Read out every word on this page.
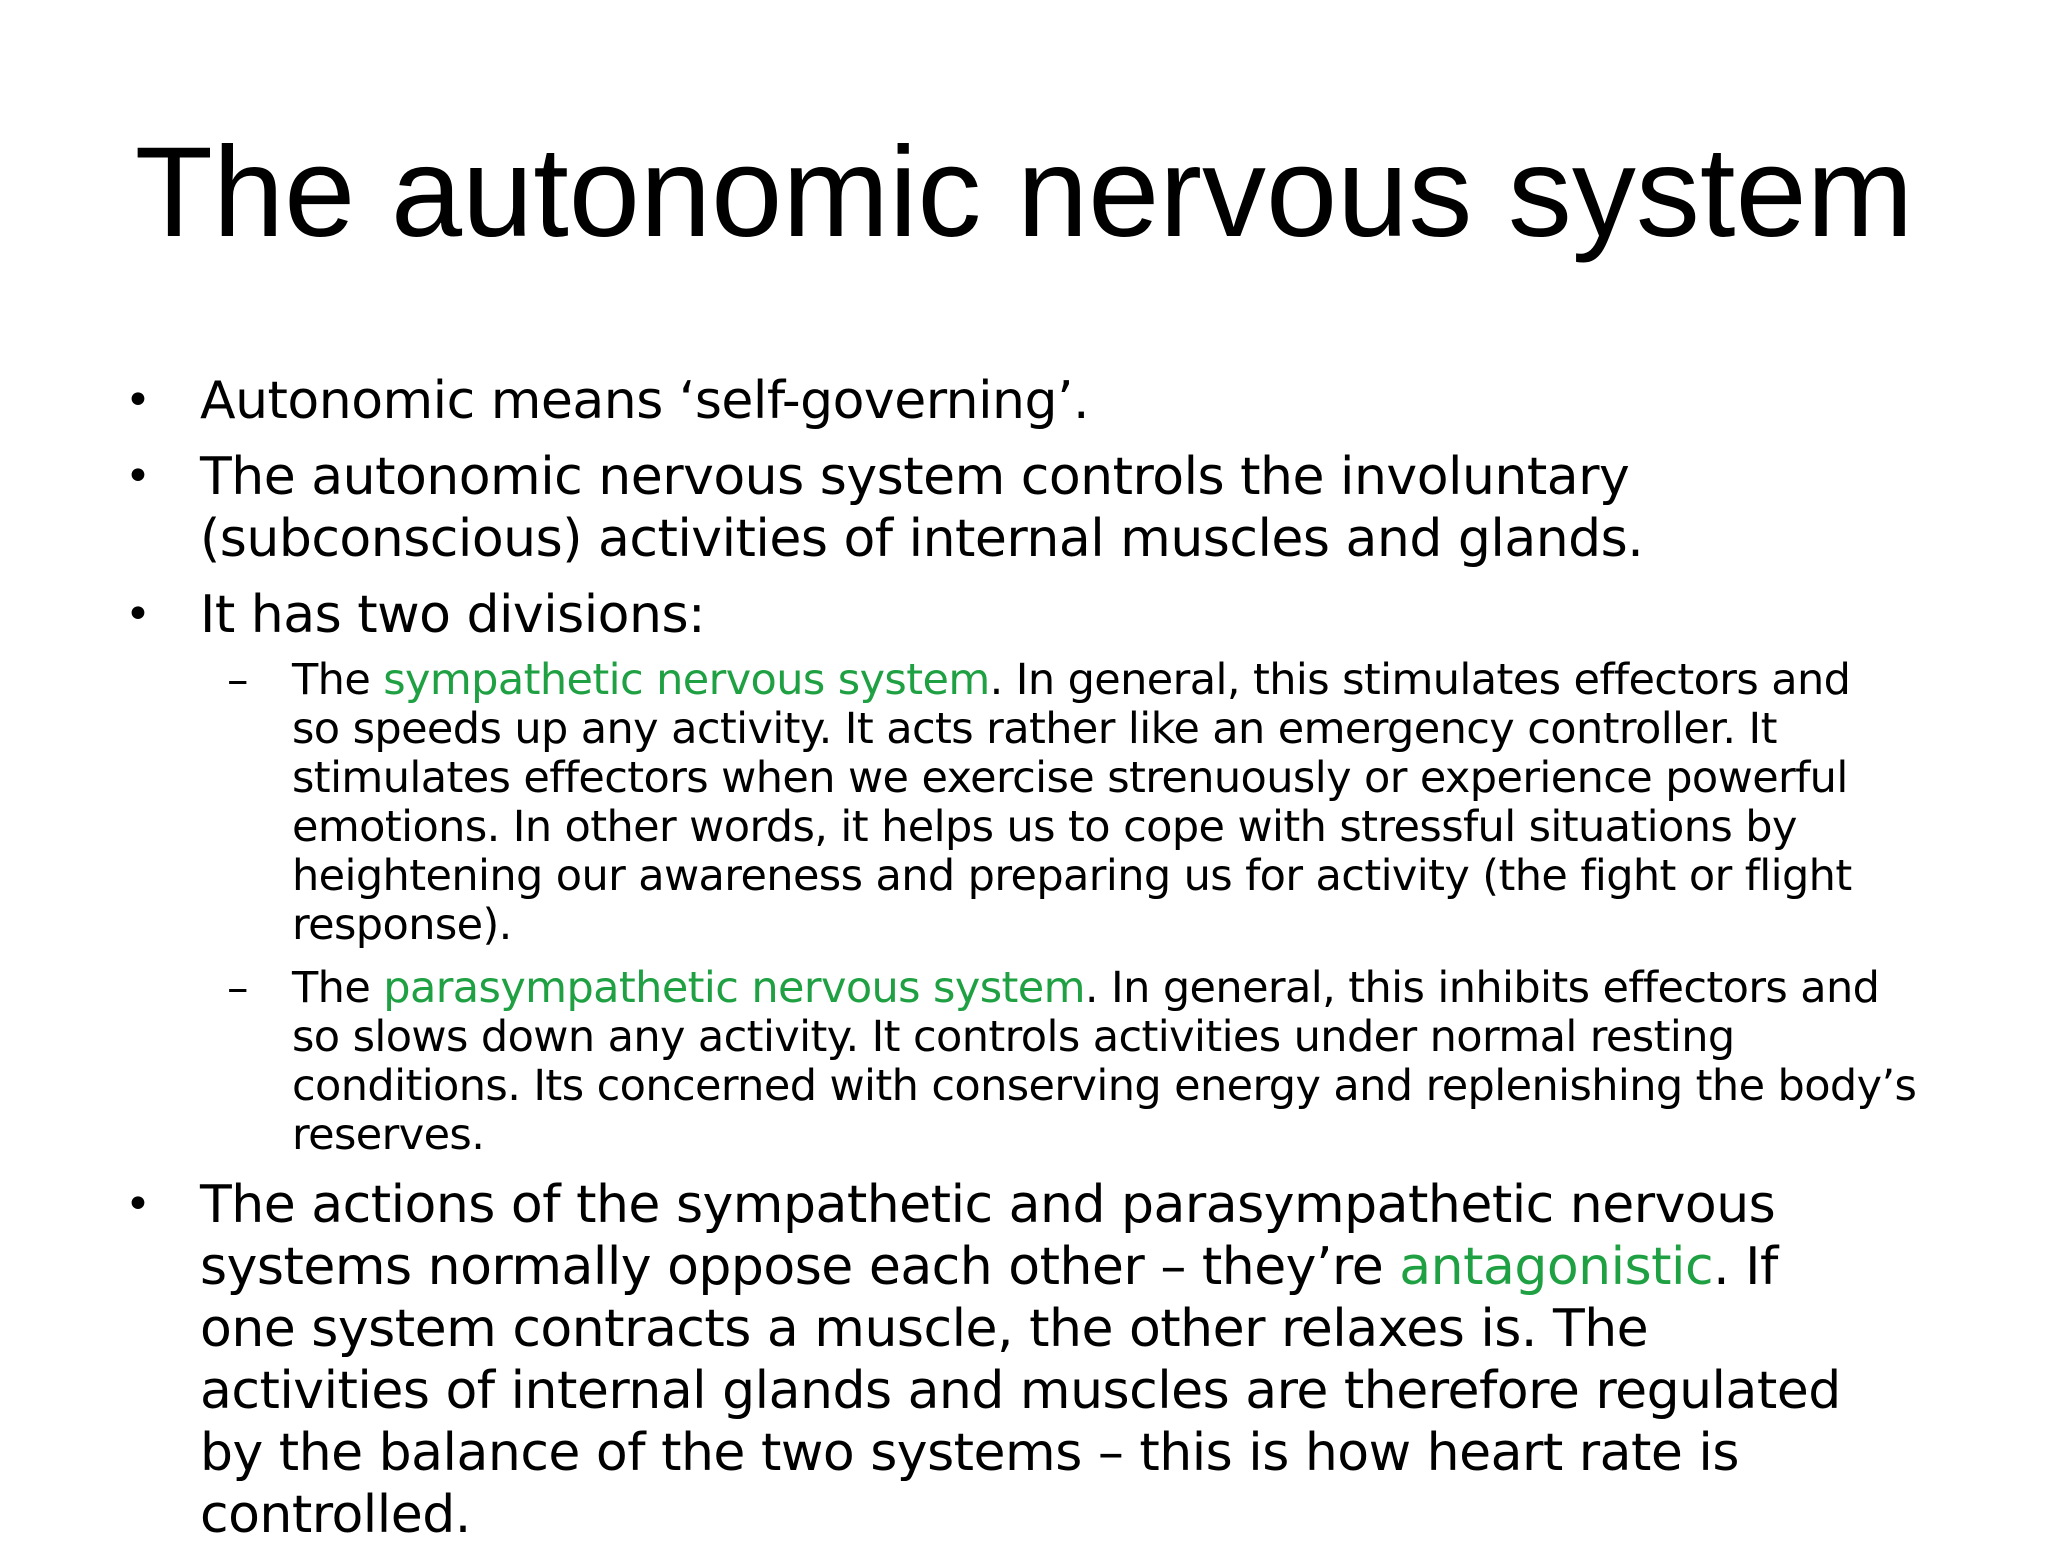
The autonomic nervous system
• Autonomic means ‘self-governing’.
• The autonomic nervous system controls the involuntary
(subconscious) activities of internal muscles and glands.
• It has two divisions:
– The sympathetic nervous system. In general, this stimulates effectors and
so speeds up any activity. It acts rather like an emergency controller. It
stimulates effectors when we exercise strenuously or experience powerful
emotions. In other words, it helps us to cope with stressful situations by
heightening our awareness and preparing us for activity (the fight or flight
response).
– The parasympathetic nervous system. In general, this inhibits effectors and
so slows down any activity. It controls activities under normal resting
conditions. Its concerned with conserving energy and replenishing the body’s
reserves.
• The actions of the sympathetic and parasympathetic nervous
systems normally oppose each other – they’re antagonistic. If
one system contracts a muscle, the other relaxes is. The
activities of internal glands and muscles are therefore regulated
by the balance of the two systems – this is how heart rate is
controlled.
